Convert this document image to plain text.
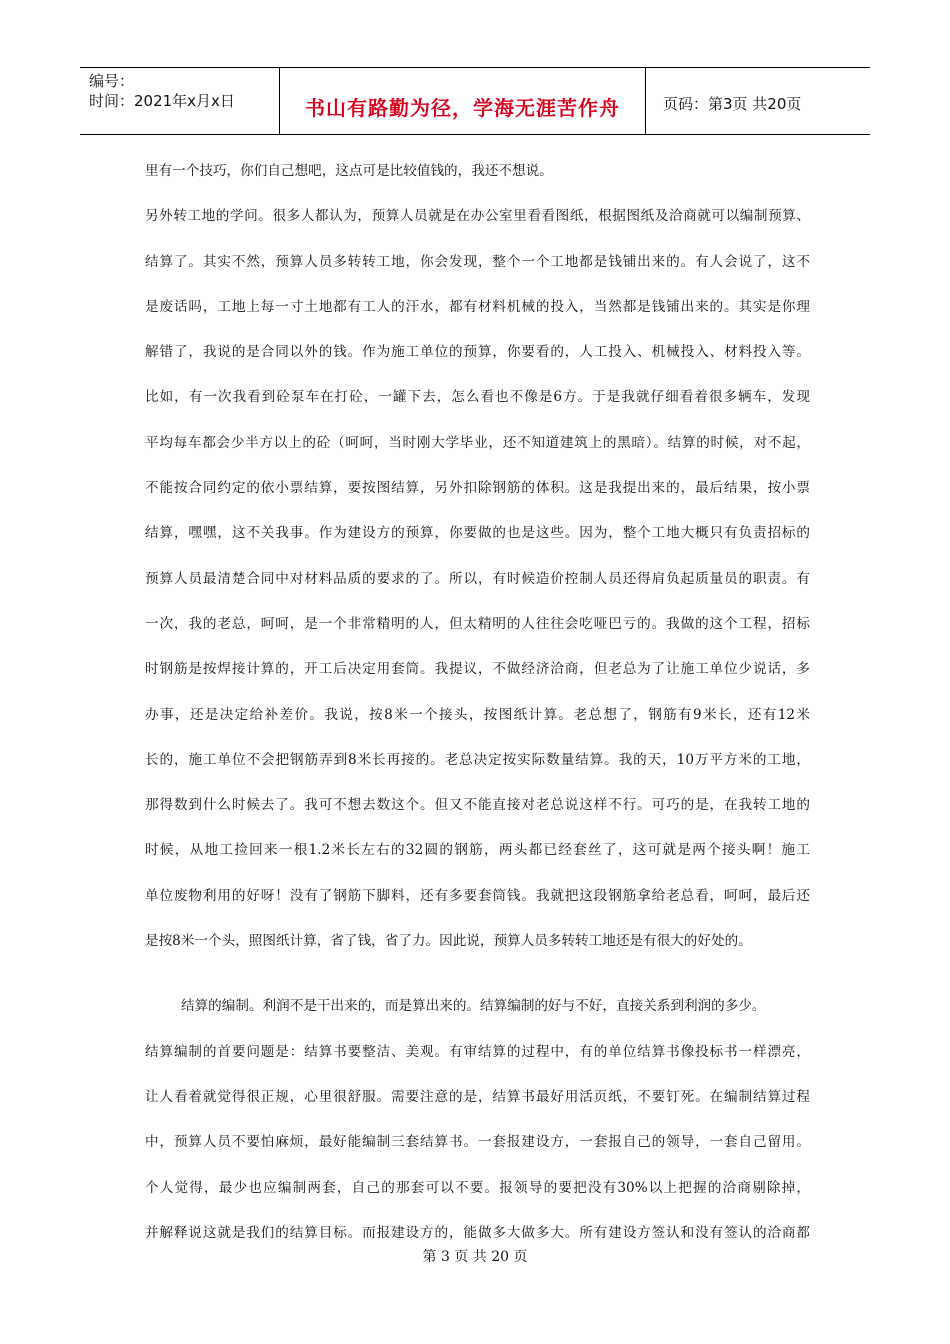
编号：
时间：2021年x月x日	书山有路勤为径，学海无涯苦作舟	页码：第3页 共20页
里有一个技巧，你们自己想吧，这点可是比较值钱的，我还不想说。
另外转工地的学问。很多人都认为，预算人员就是在办公室里看看图纸，根据图纸及洽商就可以编制预算、
结算了。其实不然，预算人员多转转工地，你会发现，整个一个工地都是钱铺出来的。有人会说了，这不
是废话吗，工地上每一寸土地都有工人的汗水，都有材料机械的投入，当然都是钱铺出来的。其实是你理
解错了，我说的是合同以外的钱。作为施工单位的预算，你要看的，人工投入、机械投入、材料投入等。
比如，有一次我看到砼泵车在打砼，一罐下去，怎么看也不像是6方。于是我就仔细看着很多辆车，发现
平均每车都会少半方以上的砼（呵呵，当时刚大学毕业，还不知道建筑上的黑暗）。结算的时候，对不起，
不能按合同约定的依小票结算，要按图结算，另外扣除钢筋的体积。这是我提出来的，最后结果，按小票
结算，嘿嘿，这不关我事。作为建设方的预算，你要做的也是这些。因为，整个工地大概只有负责招标的
预算人员最清楚合同中对材料品质的要求的了。所以，有时候造价控制人员还得肩负起质量员的职责。有
一次，我的老总，呵呵，是一个非常精明的人，但太精明的人往往会吃哑巴亏的。我做的这个工程，招标
时钢筋是按焊接计算的，开工后决定用套筒。我提议，不做经济洽商，但老总为了让施工单位少说话，多
办事，还是决定给补差价。我说，按8米一个接头，按图纸计算。老总想了，钢筋有9米长，还有12米
长的，施工单位不会把钢筋弄到8米长再接的。老总决定按实际数量结算。我的天，10万平方米的工地，
那得数到什么时候去了。我可不想去数这个。但又不能直接对老总说这样不行。可巧的是，在我转工地的
时候，从地工捡回来一根1.2米长左右的32圆的钢筋，两头都已经套丝了，这可就是两个接头啊！施工
单位废物利用的好呀！没有了钢筋下脚料，还有多要套筒钱。我就把这段钢筋拿给老总看，呵呵，最后还
是按8米一个头，照图纸计算，省了钱，省了力。因此说，预算人员多转转工地还是有很大的好处的。
结算的编制。利润不是干出来的，而是算出来的。结算编制的好与不好，直接关系到利润的多少。
结算编制的首要问题是：结算书要整洁、美观。有审结算的过程中，有的单位结算书像投标书一样漂亮，
让人看着就觉得很正规，心里很舒服。需要注意的是，结算书最好用活页纸，不要钉死。在编制结算过程
中，预算人员不要怕麻烦，最好能编制三套结算书。一套报建设方，一套报自己的领导，一套自己留用。
个人觉得，最少也应编制两套，自己的那套可以不要。报领导的要把没有30%以上把握的洽商剔除掉，
并解释说这就是我们的结算目标。而报建设方的，能做多大做多大。所有建设方签认和没有签认的洽商都
第 3 页 共 20 页
